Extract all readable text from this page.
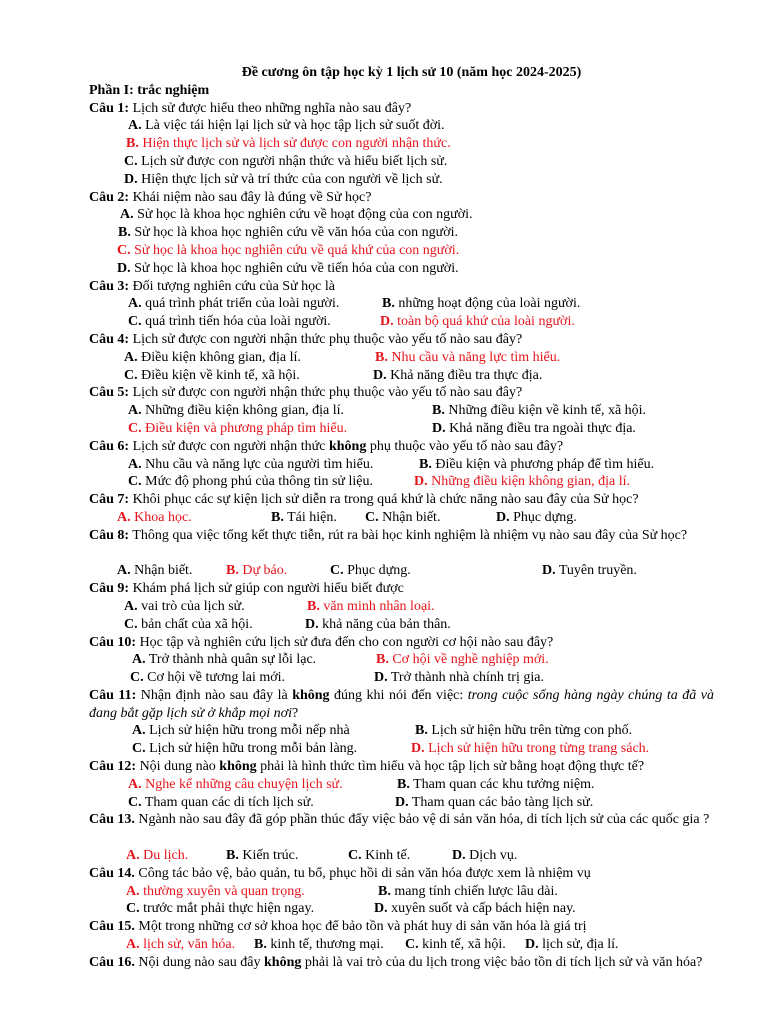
Đề cương ôn tập học kỳ 1 lịch sử 10 (năm học 2024-2025)
Phần I: trắc nghiệm
Câu 1: Lịch sử được hiểu theo những nghĩa nào sau đây?
A. Là việc tái hiện lại lịch sử và học tập lịch sử suốt đời.
B. Hiện thực lịch sử và lịch sử được con người nhận thức.
C. Lịch sử được con người nhận thức và hiểu biết lịch sử.
D. Hiện thực lịch sử và trí thức của con người về lịch sử.
Câu 2: Khái niệm nào sau đây là đúng về Sử học?
A. Sử học là khoa học nghiên cứu về hoạt động của con người.
B. Sử học là khoa học nghiên cứu về văn hóa của con người.
C. Sử học là khoa học nghiên cứu về quá khứ của con người.
D. Sử học là khoa học nghiên cứu về tiến hóa của con người.
Câu 3: Đối tượng nghiên cứu của Sử học là
A. quá trình phát triển của loài người.	B. những hoạt động của loài người.
C. quá trình tiến hóa của loài người.	D. toàn bộ quá khứ của loài người.
Câu 4: Lịch sử được con người nhận thức phụ thuộc vào yếu tố nào sau đây?
A. Điều kiện không gian, địa lí.	B. Nhu cầu và năng lực tìm hiểu.
C. Điều kiện về kinh tế, xã hội.	D. Khả năng điều tra thực địa.
Câu 5: Lịch sử được con người nhận thức phụ thuộc vào yếu tố nào sau đây?
A. Những điều kiện không gian, địa lí.	B. Những điều kiện về kinh tế, xã hội.
C. Điều kiện và phương pháp tìm hiểu.	D. Khả năng điều tra ngoài thực địa.
Câu 6: Lịch sử được con người nhận thức không phụ thuộc vào yếu tố nào sau đây?
A. Nhu cầu và năng lực của người tìm hiểu.	B. Điều kiện và phương pháp để tìm hiểu.
C. Mức độ phong phú của thông tin sử liệu.	D. Những điều kiện không gian, địa lí.
Câu 7: Khôi phục các sự kiện lịch sử diễn ra trong quá khứ là chức năng nào sau đây của Sử học?
A. Khoa học.	B. Tái hiện. C. Nhận biết.	D. Phục dựng.
Câu 8: Thông qua việc tổng kết thực tiễn, rút ra bài học kinh nghiệm là nhiệm vụ nào sau đây của Sử học?
A. Nhận biết. B. Dự báo.	C. Phục dựng.	D. Tuyên truyền.
Câu 9: Khám phá lịch sử giúp con người hiểu biết được
A. vai trò của lịch sử.	B. văn minh nhân loại.
C. bản chất của xã hội.	D. khả năng của bản thân.
Câu 10: Học tập và nghiên cứu lịch sử đưa đến cho con người cơ hội nào sau đây?
A. Trở thành nhà quân sự lỗi lạc.	B. Cơ hội về nghề nghiệp mới.
C. Cơ hội về tương lai mới.	D. Trở thành nhà chính trị gia.
Câu 11: Nhận định nào sau đây là không đúng khi nói đến việc: trong cuộc sống hàng ngày chúng ta đã và đang bắt gặp lịch sử ở khắp mọi nơi?
A. Lịch sử hiện hữu trong mỗi nếp nhà	B. Lịch sử hiện hữu trên từng con phố.
C. Lịch sử hiện hữu trong mỗi bản làng.	D. Lịch sử hiện hữu trong từng trang sách.
Câu 12: Nội dung nào không phải là hình thức tìm hiểu và học tập lịch sử bằng hoạt động thực tế?
A. Nghe kể những câu chuyện lịch sử.	B. Tham quan các khu tưởng niệm.
C. Tham quan các di tích lịch sử.	D. Tham quan các bảo tàng lịch sử.
Câu 13. Ngành nào sau đây đã góp phần thúc đẩy việc bảo vệ di sản văn hóa, di tích lịch sử của các quốc gia ?
A. Du lịch.	B. Kiến trúc.	C. Kinh tế.	D. Dịch vụ.
Câu 14. Công tác bảo vệ, bảo quản, tu bổ, phục hồi di sản văn hóa được xem là nhiệm vụ
A. thường xuyên và quan trọng.	B. mang tính chiến lược lâu dài.
C. trước mắt phải thực hiện ngay.	D. xuyên suốt và cấp bách hiện nay.
Câu 15. Một trong những cơ sở khoa học để bảo tồn và phát huy di sản văn hóa là giá trị
A. lịch sử, văn hóa. B. kinh tế, thương mại. C. kinh tế, xã hội. D. lịch sử, địa lí.
Câu 16. Nội dung nào sau đây không phải là vai trò của du lịch trong việc bảo tồn di tích lịch sử và văn hóa?
